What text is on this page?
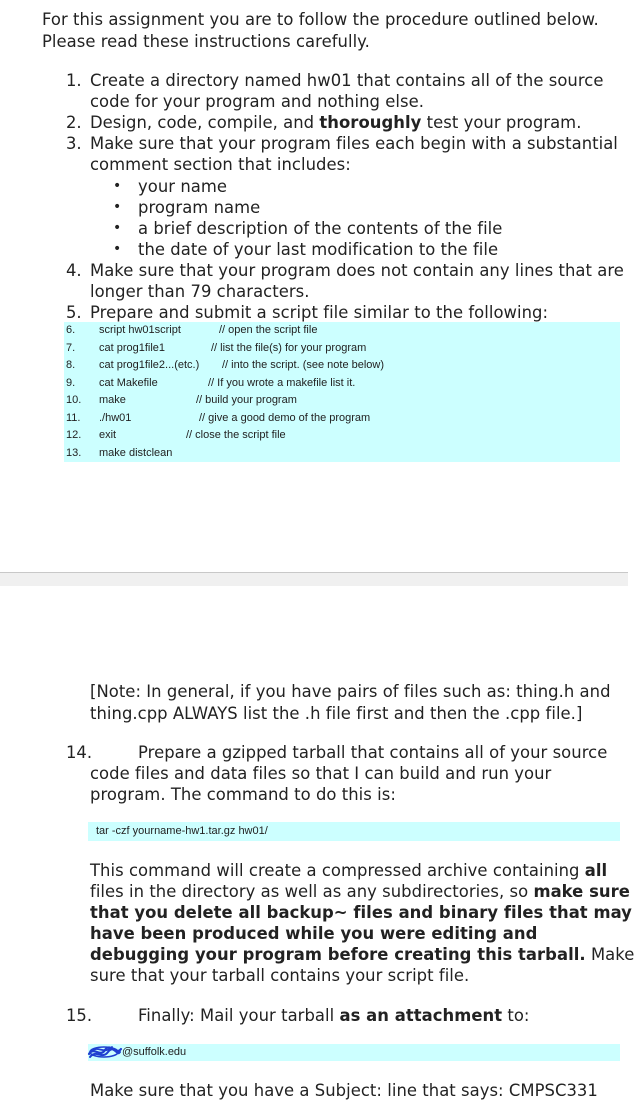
For this assignment you are to follow the procedure outlined below.
Please read these instructions carefully.
1. Create a directory named hw01 that contains all of the source
code for your program and nothing else.
2. Design, code, compile, and thoroughly test your program.
3. Make sure that your program files each begin with a substantial
comment section that includes:
• your name
• program name
• a brief description of the contents of the file
• the date of your last modification to the file
4. Make sure that your program does not contain any lines that are
longer than 79 characters.
5. Prepare and submit a script file similar to the following:
6. script hw01script	// open the script file
7. cat prog1file1	// list the file(s) for your program
8. cat prog1file2...(etc.) // into the script. (see note below)
9. cat Makefile	// If you wrote a makefile list it.
10. make	// build your program
11. ./hw01	// give a good demo of the program
12. exit	// close the script file
13. make distclean
[Note: In general, if you have pairs of files such as: thing.h and
thing.cpp ALWAYS list the .h file first and then the .cpp file.]
14.	Prepare a gzipped tarball that contains all of your source
code files and data files so that I can build and run your
program. The command to do this is:
tar -czf yourname-hw1.tar.gz hw01/
This command will create a compressed archive containing all
files in the directory as well as any subdirectories, so make sure
that you delete all backup~ files and binary files that may
have been produced while you were editing and
debugging your program before creating this tarball. Make
sure that your tarball contains your script file.
15.	Finally: Mail your tarball as an attachment to:
@suffolk.edu
Make sure that you have a Subject: line that says: CMPSC331
